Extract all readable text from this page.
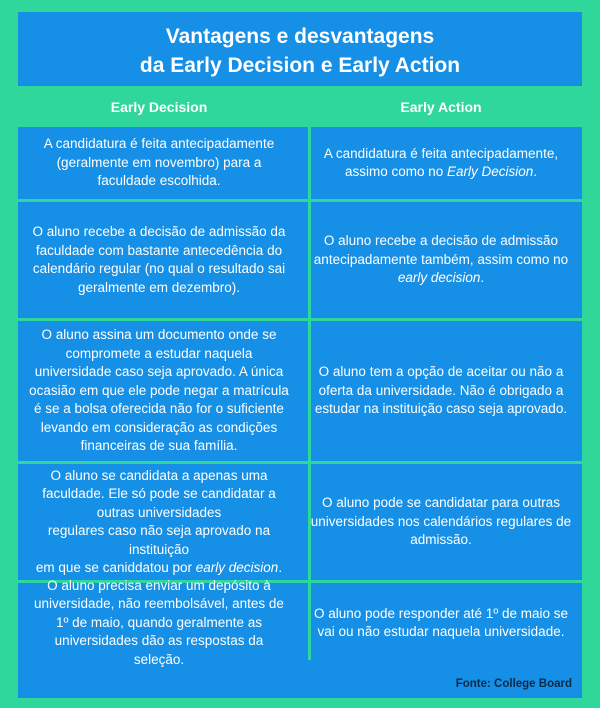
Vantagens e desvantagens
da Early Decision e Early Action
Early Decision	Early Action
A candidatura é feita antecipadamente (geralmente em novembro) para a faculdade escolhida.
A candidatura é feita antecipadamente, assimo como no Early Decision.
O aluno recebe a decisão de admissão da faculdade com bastante antecedência do calendário regular (no qual o resultado sai geralmente em dezembro).
O aluno recebe a decisão de admissão antecipadamente também, assim como no early decision.
O aluno assina um documento onde se compromete a estudar naquela universidade caso seja aprovado. A única ocasião em que ele pode negar a matrícula é se a bolsa oferecida não for o suficiente levando em consideração as condições financeiras de sua família.
O aluno tem a opção de aceitar ou não a oferta da universidade. Não é obrigado a estudar na instituição caso seja aprovado.
O aluno se candidata a apenas uma faculdade. Ele só pode se candidatar a outras universidades
regulares caso não seja aprovado na instituição
em que se caniddatou por early decision.
O aluno pode se candidatar para outras universidades nos calendários regulares de admissão.
O aluno precisa enviar um depósito à universidade, não reembolsável, antes de 1º de maio, quando geralmente as universidades dão as respostas da seleção.
O aluno pode responder até 1º de maio se vai ou não estudar naquela universidade.
Fonte: College Board
